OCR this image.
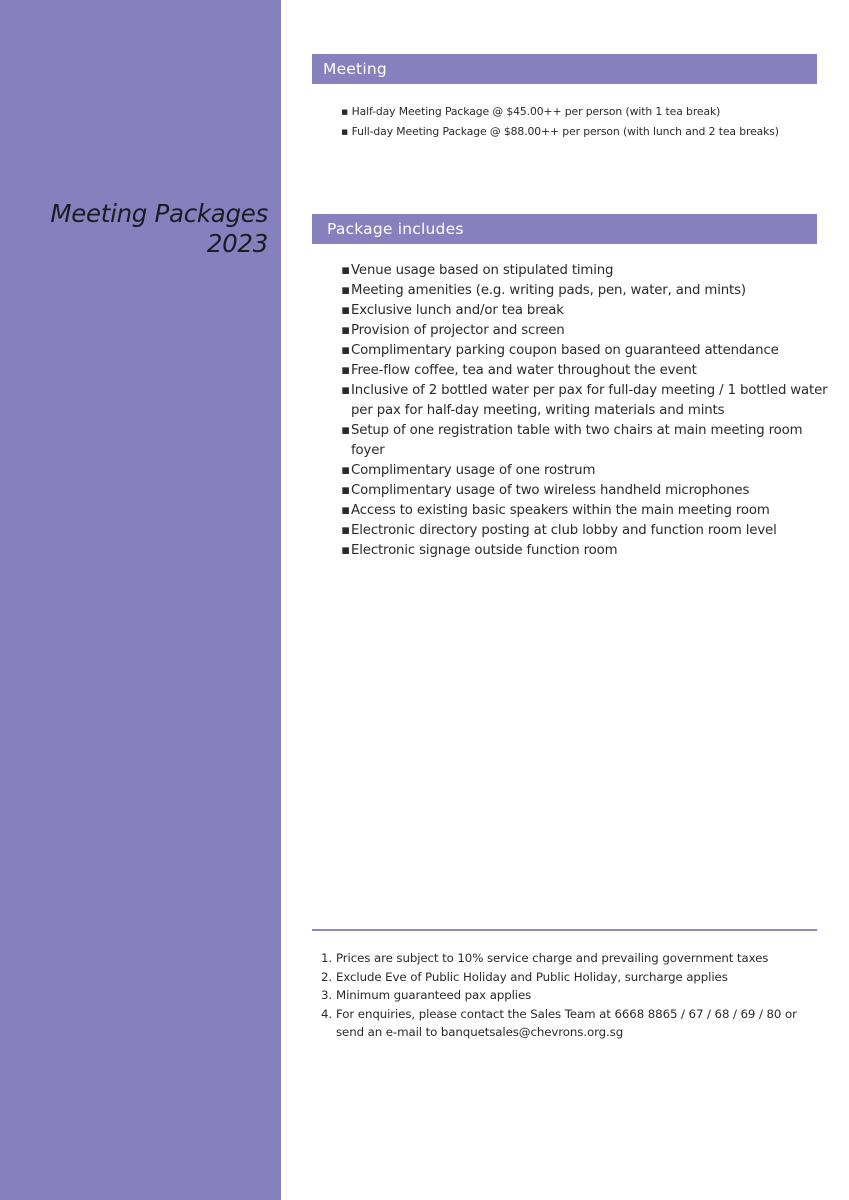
Meeting Packages
2023
Meeting
▪ Half-day Meeting Package @ $45.00++ per person (with 1 tea break)
▪ Full-day Meeting Package @ $88.00++ per person (with lunch and 2 tea breaks)
Package includes
▪Venue usage based on stipulated timing
▪Meeting amenities (e.g. writing pads, pen, water, and mints)
▪Exclusive lunch and/or tea break
▪Provision of projector and screen
▪Complimentary parking coupon based on guaranteed attendance
▪Free-flow coffee, tea and water throughout the event
▪Inclusive of 2 bottled water per pax for full-day meeting / 1 bottled water per pax for half-day meeting, writing materials and mints
▪Setup of one registration table with two chairs at main meeting room foyer
▪Complimentary usage of one rostrum
▪Complimentary usage of two wireless handheld microphones
▪Access to existing basic speakers within the main meeting room
▪Electronic directory posting at club lobby and function room level
▪Electronic signage outside function room
1. Prices are subject to 10% service charge and prevailing government taxes
2. Exclude Eve of Public Holiday and Public Holiday, surcharge applies
3. Minimum guaranteed pax applies
4. For enquiries, please contact the Sales Team at 6668 8865 / 67 / 68 / 69 / 80 or send an e-mail to banquetsales@chevrons.org.sg
